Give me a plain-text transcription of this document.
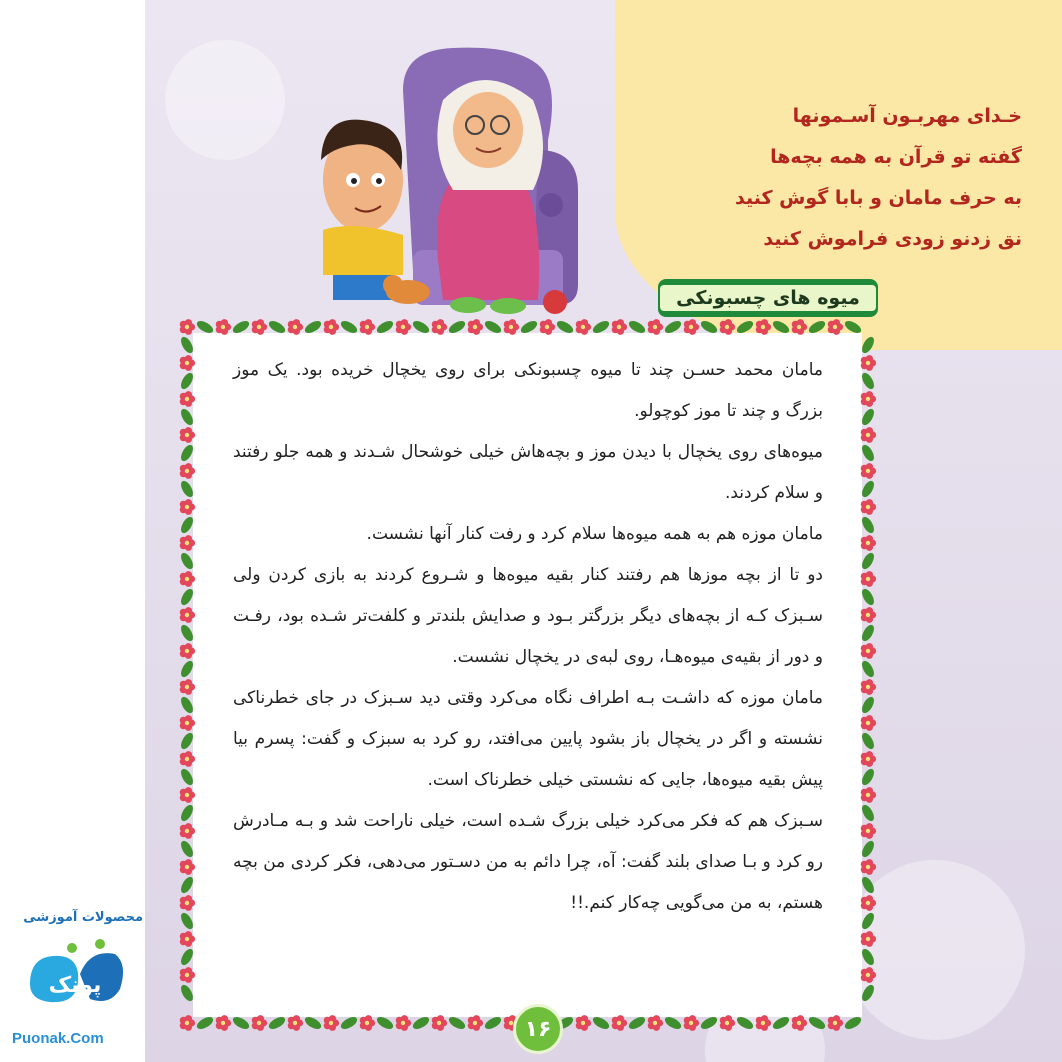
خـدای مهربـون آسـمونها
گفته تو قرآن به همه بچه‌ها
به حرف مامان و بابا گوش کنید
نق زدنو زودی فراموش کنید
میوه های چسبونکی

مامان محمد حسـن چند تا میوه چسبونکی برای روی یخچال خریده بود. یک موز بزرگ و چند تا موز کوچولو.

میوه‌های روی یخچال با دیدن موز و بچه‌هاش خیلی خوشحال شـدند و همه جلو رفتند و سلام کردند.

مامان موزه هم به همه میوه‌ها سلام کرد و رفت کنار آنها نشست.

دو تا از بچه موزها هم رفتند کنار بقیه میوه‌ها و شـروع کردند به بازی کردن ولی سـبزک کـه از بچه‌های دیگر بزرگتر بـود و صدایش بلندتر و کلفت‌تر شـده بود، رفـت و دور از بقیه‌ی میوه‌هـا، روی لبه‌ی در یخچال نشست.

مامان موزه که داشـت بـه اطراف نگاه می‌کرد وقتی دید سـبزک در جای خطرناکی نشسته و اگر در یخچال باز بشود پایین می‌افتد، رو کرد به سبزک و گفت: پسرم بیا پیش بقیه میوه‌ها، جایی که نشستی خیلی خطرناک است.

سـبزک هم که فکر می‌کرد خیلی بزرگ شـده است، خیلی ناراحت شد و بـه مـادرش رو کرد و بـا صدای بلند گفت: آه، چرا دائم به من دسـتور می‌دهی، فکر کردی من بچه هستم، به من می‌گویی چه‌کار کنم.!!

۱۶
محصولات آموزشی
پونک
Puonak.Com
